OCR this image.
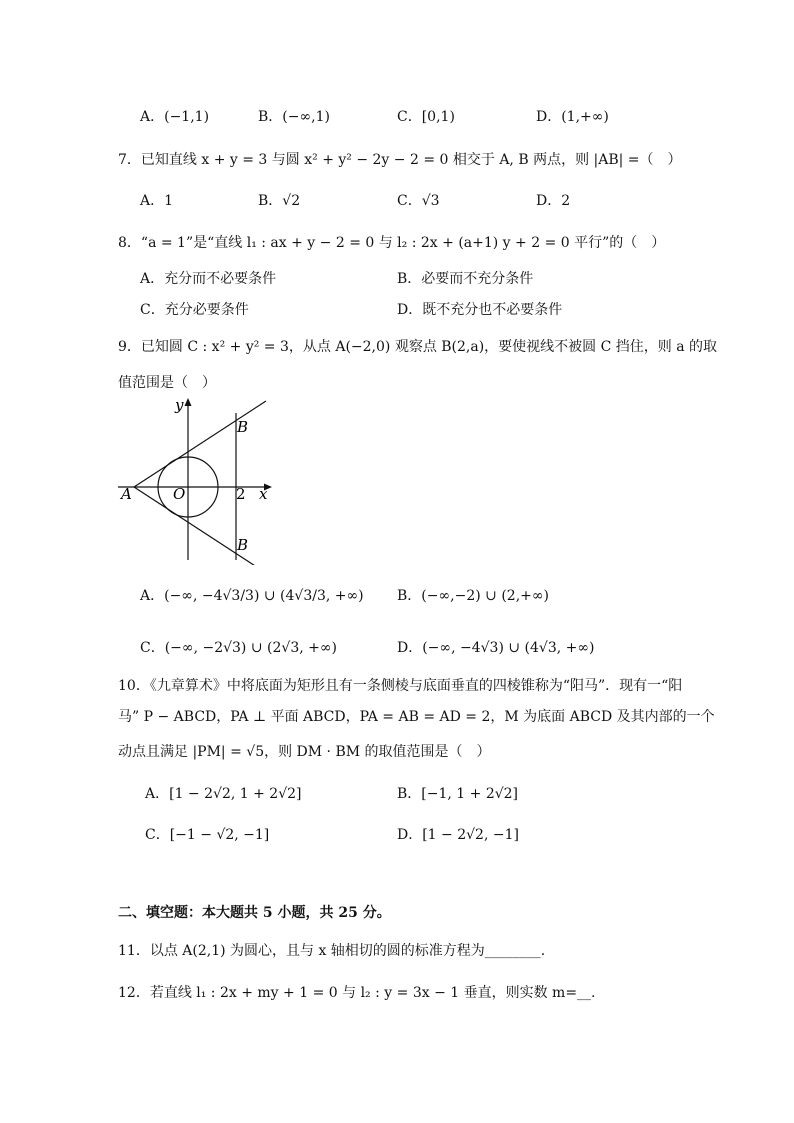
A．(−1,1)	B．(−∞,1)	C．[0,1)	D．(1,+∞)
7．已知直线 x + y = 3 与圆 x² + y² − 2y − 2 = 0 相交于 A, B 两点，则 |AB| =（　）
A．1	B．√2	C．√3	D．2
8．“a = 1”是“直线 l₁ : ax + y − 2 = 0 与 l₂ : 2x + (a+1) y + 2 = 0 平行”的（　）
A．充分而不必要条件	B．必要而不充分条件
C．充分必要条件	D．既不充分也不必要条件
9．已知圆 C : x² + y² = 3，从点 A(−2,0) 观察点 B(2,a)，要使视线不被圆 C 挡住，则 a 的取
值范围是（　）
y
x
A	O	2
B
B
A．(−∞, −4√3/3) ∪ (4√3/3, +∞) B．(−∞,−2) ∪ (2,+∞)
C．(−∞, −2√3) ∪ (2√3, +∞)	D．(−∞, −4√3) ∪ (4√3, +∞)
10．《九章算术》中将底面为矩形且有一条侧棱与底面垂直的四棱锥称为“阳马”．现有一“阳
马” P − ABCD，PA ⊥ 平面 ABCD，PA = AB = AD = 2，M 为底面 ABCD 及其内部的一个
动点且满足 |PM| = √5，则 DM · BM 的取值范围是（　）
A．[1 − 2√2, 1 + 2√2]	B．[−1, 1 + 2√2]
C．[−1 − √2, −1]	D．[1 − 2√2, −1]
二、填空题：本大题共 5 小题，共 25 分。
11．以点 A(2,1) 为圆心，且与 x 轴相切的圆的标准方程为________.
12．若直线 l₁ : 2x + my + 1 = 0 与 l₂ : y = 3x − 1 垂直，则实数 m=__.
